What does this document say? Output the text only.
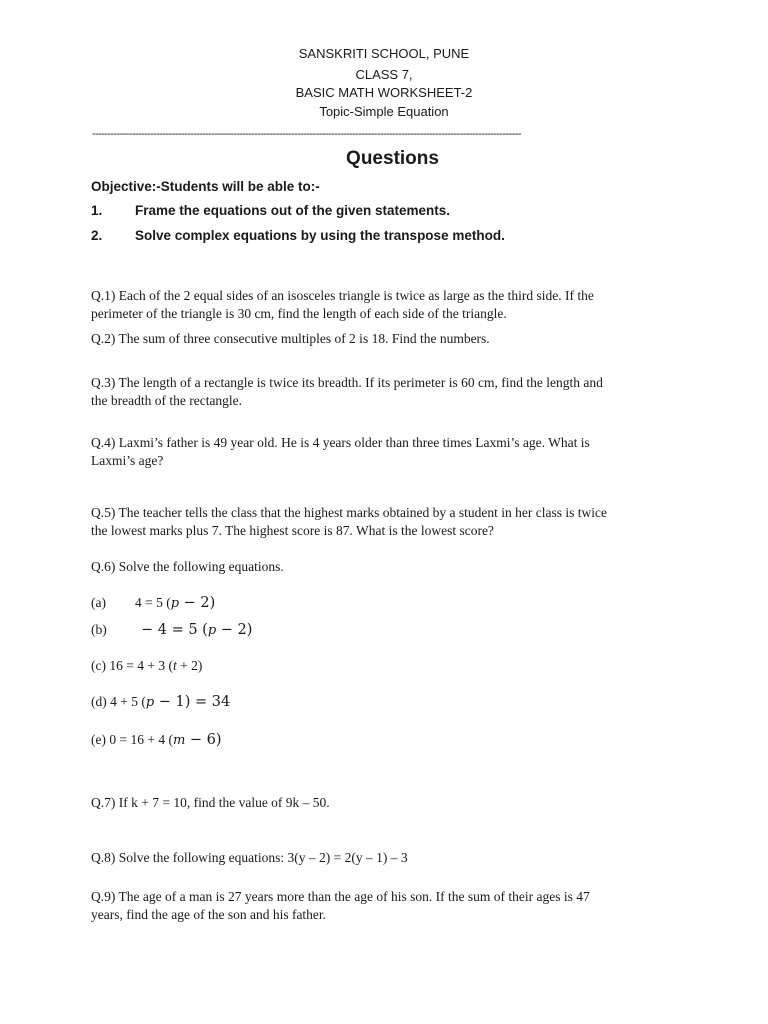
SANSKRITI SCHOOL, PUNE
CLASS 7,
BASIC MATH WORKSHEET-2
Topic-Simple Equation
--------------------------------------------------------------------------------------------------------------------------------------------
Questions
Objective:-Students will be able to:-
1. Frame the equations out of the given statements.
2. Solve complex equations by using the transpose method.
Q.1) Each of the 2 equal sides of an isosceles triangle is twice as large as the third side. If the
perimeter of the triangle is 30 cm, find the length of each side of the triangle.
Q.2) The sum of three consecutive multiples of 2 is 18. Find the numbers.
Q.3) The length of a rectangle is twice its breadth. If its perimeter is 60 cm, find the length and
the breadth of the rectangle.
Q.4) Laxmi’s father is 49 year old. He is 4 years older than three times Laxmi’s age. What is
Laxmi’s age?
Q.5) The teacher tells the class that the highest marks obtained by a student in her class is twice
the lowest marks plus 7. The highest score is 87. What is the lowest score?
Q.6) Solve the following equations.
(a) 4 = 5 (p − 2)
(b) − 4 = 5 (p − 2)
(c) 16 = 4 + 3 (t + 2)
(d) 4 + 5 (p − 1) = 34
(e) 0 = 16 + 4 (m − 6)
Q.7) If k + 7 = 10, find the value of 9k – 50.
Q.8) Solve the following equations: 3(y – 2) = 2(y – 1) – 3
Q.9) The age of a man is 27 years more than the age of his son. If the sum of their ages is 47
years, find the age of the son and his father.
